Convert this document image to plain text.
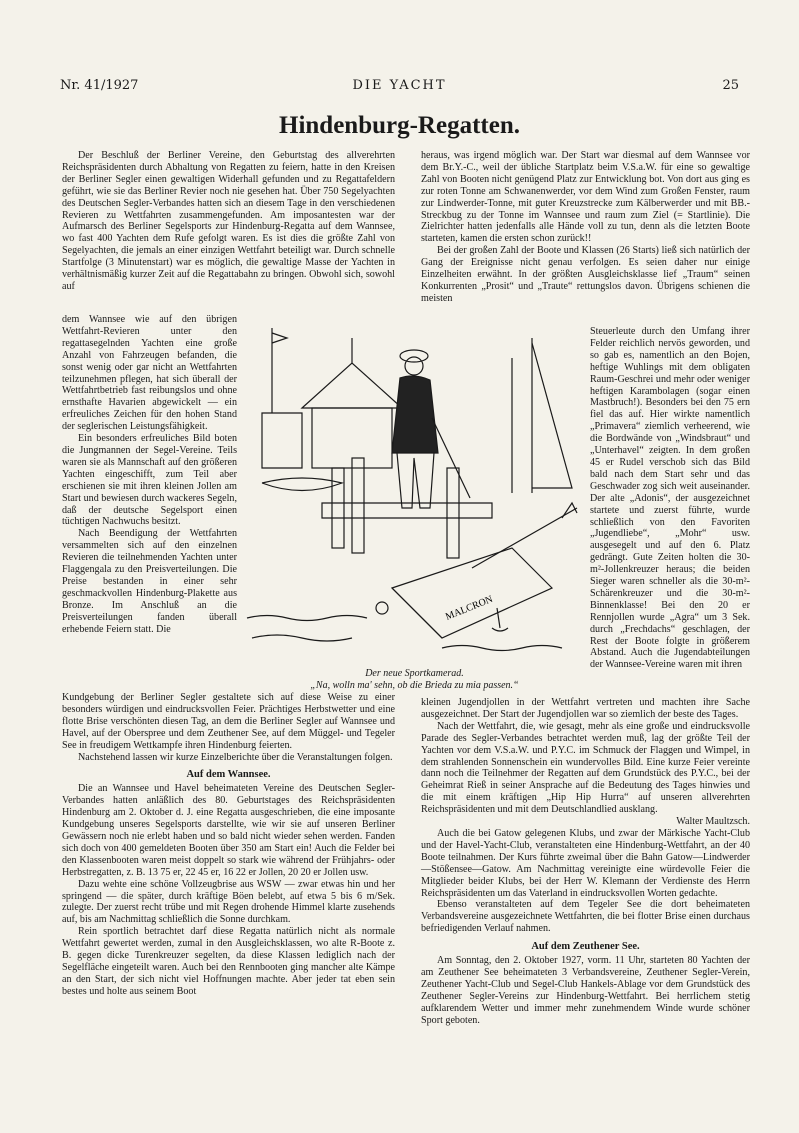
Nr. 41/1927	DIE YACHT	25
Hindenburg-Regatten.

Der Beschluß der Berliner Vereine, den Geburtstag des allverehrten Reichspräsidenten durch Abhaltung von Regatten zu feiern, hatte in den Kreisen der Berliner Segler einen gewaltigen Widerhall gefunden und zu Regattafeldern geführt, wie sie das Berliner Revier noch nie gesehen hat. Über 750 Segelyachten des Deutschen Segler-Verbandes hatten sich an diesem Tage in den verschiedenen Revieren zu Wettfahrten zusammengefunden. Am imposantesten war der Aufmarsch des Berliner Segelsports zur Hindenburg-Regatta auf dem Wannsee, wo fast 400 Yachten dem Rufe gefolgt waren. Es ist dies die größte Zahl von Segelyachten, die jemals an einer einzigen Wettfahrt beteiligt war. Durch schnelle Startfolge (3 Minutenstart) war es möglich, die gewaltige Masse der Yachten in verhältnismäßig kurzer Zeit auf die Regattabahn zu bringen. Obwohl sich, sowohl auf

heraus, was irgend möglich war. Der Start war diesmal auf dem Wannsee vor dem Br.Y.-C., weil der übliche Startplatz beim V.S.a.W. für eine so gewaltige Zahl von Booten nicht genügend Platz zur Entwicklung bot. Von dort aus ging es zur roten Tonne am Schwanenwerder, vor dem Wind zum Großen Fenster, raum zur Lindwerder-Tonne, mit guter Kreuzstrecke zum Kälberwerder und mit BB.-Streckbug zu der Tonne im Wannsee und raum zum Ziel (= Startlinie). Die Zielrichter hatten jedenfalls alle Hände voll zu tun, denn als die letzten Boote starteten, kamen die ersten schon zurück!!

Bei der großen Zahl der Boote und Klassen (26 Starts) ließ sich natürlich der Gang der Ereignisse nicht genau verfolgen. Es seien daher nur einige Einzelheiten erwähnt. In der größten Ausgleichsklasse lief „Traum“ seinen Konkurrenten „Prosit“ und „Traute“ rettungslos davon. Übrigens schienen die meisten

dem Wannsee wie auf den übrigen Wettfahrt-Revieren unter den regattasegelnden Yachten eine große Anzahl von Fahrzeugen befanden, die sonst wenig oder gar nicht an Wettfahrten teilzunehmen pflegen, hat sich überall der Wettfahrtbetrieb fast reibungslos und ohne ernsthafte Havarien abgewickelt — ein erfreuliches Zeichen für den hohen Stand der seglerischen Leistungsfähigkeit.

Ein besonders erfreuliches Bild boten die Jungmannen der Segel-Vereine. Teils waren sie als Mannschaft auf den größeren Yachten eingeschifft, zum Teil aber erschienen sie mit ihren kleinen Jollen am Start und bewiesen durch wackeres Segeln, daß der deutsche Segelsport einen tüchtigen Nachwuchs besitzt.

Nach Beendigung der Wettfahrten versammelten sich auf den einzelnen Revieren die teilnehmenden Yachten unter Flaggengala zu den Preisverteilungen. Die Preise bestanden in einer sehr geschmackvollen Hindenburg-Plakette aus Bronze. Im Anschluß an die Preisverteilungen fanden überall erhebende Feiern statt. Die

Steuerleute durch den Umfang ihrer Felder reichlich nervös geworden, und so gab es, namentlich an den Bojen, heftige Wuhlings mit dem obligaten Raum-Geschrei und mehr oder weniger heftigen Karambolagen (sogar einen Mastbruch!). Besonders bei den 75 ern fiel das auf. Hier wirkte namentlich „Primavera“ ziemlich verheerend, wie die Bordwände von „Windsbraut“ und „Unterhavel“ zeigten. In dem großen 45 er Rudel verschob sich das Bild bald nach dem Start sehr und das Geschwader zog sich weit auseinander. Der alte „Adonis“, der ausgezeichnet startete und zuerst führte, wurde schließlich von den Favoriten „Jugendliebe“, „Mohr“ usw. ausgesegelt und auf den 6. Platz gedrängt. Gute Zeiten holten die 30-m²-Jollenkreuzer heraus; die beiden Sieger waren schneller als die 30-m²-Schärenkreuzer und die 30-m²-Binnenklasse! Bei den 20 er Rennjollen wurde „Agra“ um 3 Sek. durch „Frechdachs“ geschlagen, der Rest der Boote folgte in größerem Abstand. Auch die Jugendabteilungen der Wannsee-Vereine waren mit ihren

MALCRON
Der neue Sportkamerad.
„Na, wolln ma' sehn, ob die Brieda zu mia passen.“

Kundgebung der Berliner Segler gestaltete sich auf diese Weise zu einer besonders würdigen und eindrucksvollen Feier. Prächtiges Herbstwetter und eine flotte Brise verschönten diesen Tag, an dem die Berliner Segler auf Wannsee und Havel, auf der Oberspree und dem Zeuthener See, auf dem Müggel- und Tegeler See in freudigem Wettkampfe ihren Hindenburg feierten.

Nachstehend lassen wir kurze Einzelberichte über die Veranstaltungen folgen.

Auf dem Wannsee.

Die an Wannsee und Havel beheimateten Vereine des Deutschen Segler-Verbandes hatten anläßlich des 80. Geburtstages des Reichspräsidenten Hindenburg am 2. Oktober d. J. eine Regatta ausgeschrieben, die eine imposante Kundgebung unseres Segelsports darstellte, wie wir sie auf unseren Berliner Gewässern noch nie erlebt haben und so bald nicht wieder sehen werden. Fanden sich doch von 400 gemeldeten Booten über 350 am Start ein! Auch die Felder bei den Klassenbooten waren meist doppelt so stark wie während der Frühjahrs- oder Herbstregatten, z. B. 13 75 er, 22 45 er, 16 22 er Jollen, 20 20 er Jollen usw.

Dazu wehte eine schöne Vollzeugbrise aus WSW — zwar etwas hin und her springend — die später, durch kräftige Böen belebt, auf etwa 5 bis 6 m/Sek. zulegte. Der zuerst recht trübe und mit Regen drohende Himmel klarte zusehends auf, bis am Nachmittag schließlich die Sonne durchkam.

Rein sportlich betrachtet darf diese Regatta natürlich nicht als normale Wettfahrt gewertet werden, zumal in den Ausgleichsklassen, wo alte R-Boote z. B. gegen dicke Turenkreuzer segelten, da diese Klassen lediglich nach der Segelfläche eingeteilt waren. Auch bei den Rennbooten ging mancher alte Kämpe an den Start, der sich nicht viel Hoffnungen machte. Aber jeder tat eben sein bestes und holte aus seinem Boot

kleinen Jugendjollen in der Wettfahrt vertreten und machten ihre Sache ausgezeichnet. Der Start der Jugendjollen war so ziemlich der beste des Tages.

Nach der Wettfahrt, die, wie gesagt, mehr als eine große und eindrucksvolle Parade des Segler-Verbandes betrachtet werden muß, lag der größte Teil der Yachten vor dem V.S.a.W. und P.Y.C. im Schmuck der Flaggen und Wimpel, in dem strahlenden Sonnenschein ein wundervolles Bild. Eine kurze Feier vereinte dann noch die Teilnehmer der Regatten auf dem Grundstück des P.Y.C., bei der Geheimrat Rieß in seiner Ansprache auf die Bedeutung des Tages hinwies und die mit einem kräftigen „Hip Hip Hurra“ auf unseren allverehrten Reichspräsidenten und mit dem Deutschlandlied ausklang.

Walter Maultzsch.

Auch die bei Gatow gelegenen Klubs, und zwar der Märkische Yacht-Club und der Havel-Yacht-Club, veranstalteten eine Hindenburg-Wettfahrt, an der 40 Boote teilnahmen. Der Kurs führte zweimal über die Bahn Gatow—Lindwerder—Stößensee—Gatow. Am Nachmittag vereinigte eine würdevolle Feier die Mitglieder beider Klubs, bei der Herr W. Klemann der Verdienste des Herrn Reichspräsidenten um das Vaterland in eindrucksvollen Worten gedachte.

Ebenso veranstalteten auf dem Tegeler See die dort beheimateten Verbandsvereine ausgezeichnete Wettfahrten, die bei flotter Brise einen durchaus befriedigenden Verlauf nahmen.

Auf dem Zeuthener See.

Am Sonntag, den 2. Oktober 1927, vorm. 11 Uhr, starteten 80 Yachten der am Zeuthener See beheimateten 3 Verbandsvereine, Zeuthener Segler-Verein, Zeuthener Yacht-Club und Segel-Club Hankels-Ablage vor dem Grundstück des Zeuthener Segler-Vereins zur Hindenburg-Wettfahrt. Bei herrlichem stetig aufklarendem Wetter und immer mehr zunehmendem Winde wurde schöner Sport geboten.
